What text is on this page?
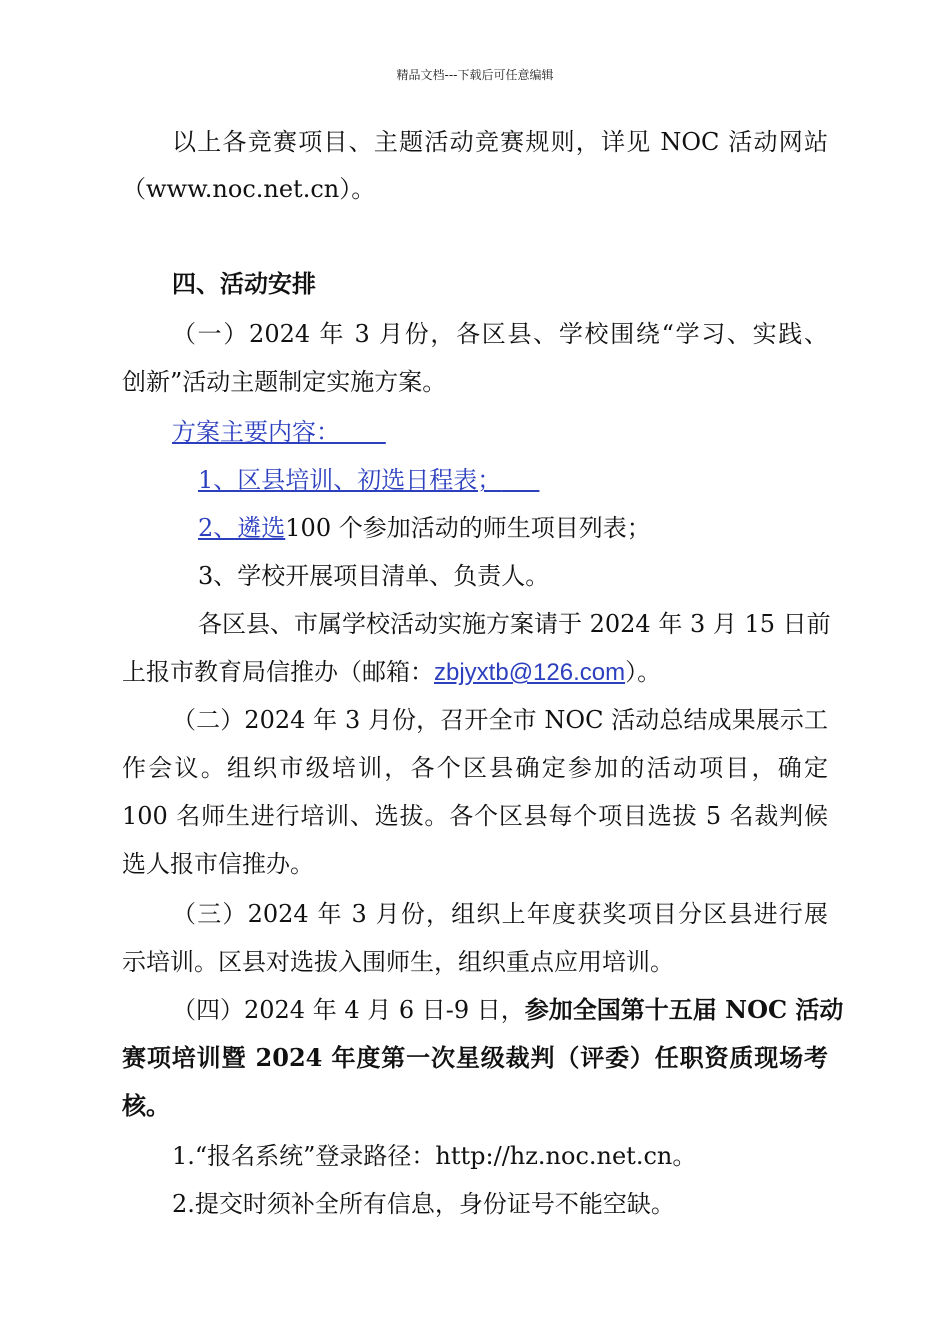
精品文档---下载后可任意编辑
以上各竞赛项目、主题活动竞赛规则，详见 NOC 活动网站
（www.noc.net.cn）。
四、活动安排
（一）2024 年 3 月份，各区县、学校围绕“学习、实践、
创新”活动主题制定实施方案。
方案主要内容：
1、区县培训、初选日程表；
2、遴选100 个参加活动的师生项目列表；
3、学校开展项目清单、负责人。
各区县、市属学校活动实施方案请于 2024 年 3 月 15 日前
上报市教育局信推办（邮箱：zbjyxtb@126.com）。
（二）2024 年 3 月份，召开全市 NOC 活动总结成果展示工
作会议。组织市级培训，各个区县确定参加的活动项目，确定
100 名师生进行培训、选拔。各个区县每个项目选拔 5 名裁判候
选人报市信推办。
（三）2024 年 3 月份，组织上年度获奖项目分区县进行展
示培训。区县对选拔入围师生，组织重点应用培训。
（四）2024 年 4 月 6 日-9 日，参加全国第十五届 NOC 活动
赛项培训暨 2024 年度第一次星级裁判（评委）任职资质现场考
核。
1.“报名系统”登录路径：http://hz.noc.net.cn。
2.提交时须补全所有信息，身份证号不能空缺。
